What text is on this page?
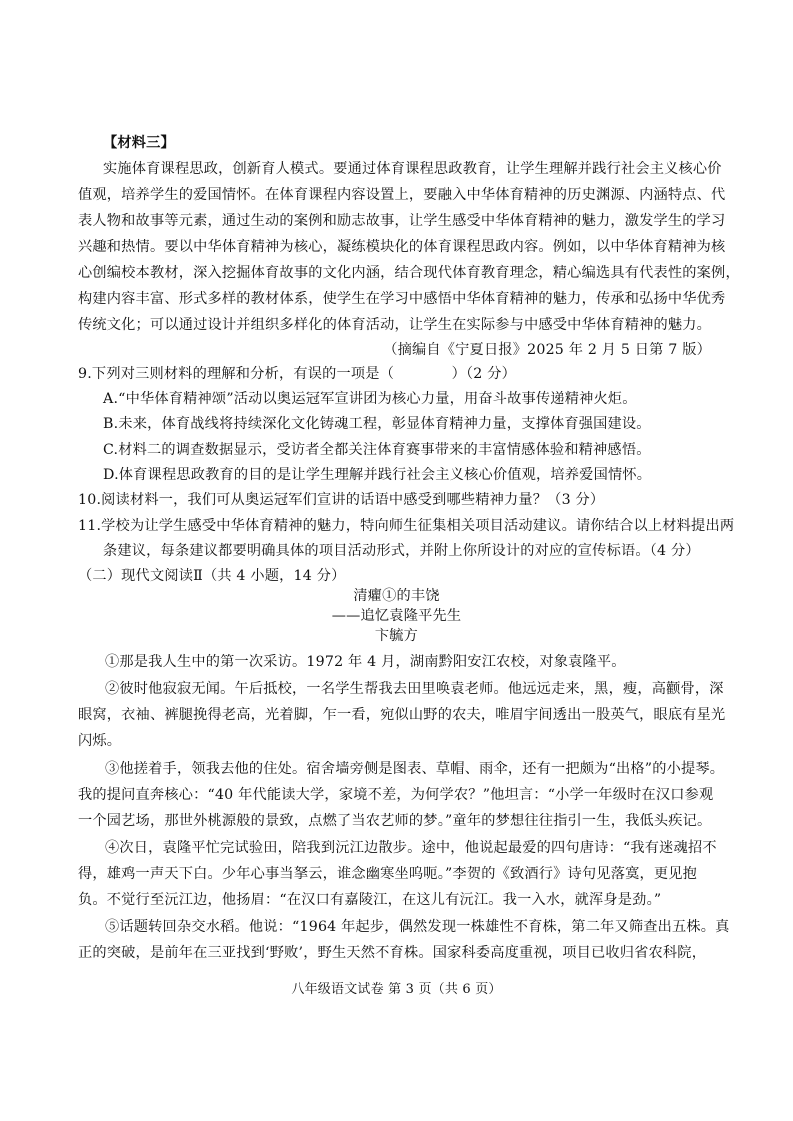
【材料三】
实施体育课程思政，创新育人模式。要通过体育课程思政教育，让学生理解并践行社会主义核心价
值观，培养学生的爱国情怀。在体育课程内容设置上，要融入中华体育精神的历史渊源、内涵特点、代
表人物和故事等元素，通过生动的案例和励志故事，让学生感受中华体育精神的魅力，激发学生的学习
兴趣和热情。要以中华体育精神为核心，凝练模块化的体育课程思政内容。例如，以中华体育精神为核
心创编校本教材，深入挖掘体育故事的文化内涵，结合现代体育教育理念，精心编选具有代表性的案例，
构建内容丰富、形式多样的教材体系，使学生在学习中感悟中华体育精神的魅力，传承和弘扬中华优秀
传统文化；可以通过设计并组织多样化的体育活动，让学生在实际参与中感受中华体育精神的魅力。
（摘编自《宁夏日报》2025 年 2 月 5 日第 7 版）
9.下列对三则材料的理解和分析，有误的一项是（　　　　）（2 分）
A.“中华体育精神颂”活动以奥运冠军宣讲团为核心力量，用奋斗故事传递精神火炬。
B.未来，体育战线将持续深化文化铸魂工程，彰显体育精神力量，支撑体育强国建设。
C.材料二的调查数据显示，受访者全都关注体育赛事带来的丰富情感体验和精神感悟。
D.体育课程思政教育的目的是让学生理解并践行社会主义核心价值观，培养爱国情怀。
10.阅读材料一，我们可从奥运冠军们宣讲的话语中感受到哪些精神力量？（3 分）
11.学校为让学生感受中华体育精神的魅力，特向师生征集相关项目活动建议。请你结合以上材料提出两
条建议，每条建议都要明确具体的项目活动形式，并附上你所设计的对应的宣传标语。（4 分）
（二）现代文阅读Ⅱ（共 4 小题，14 分）
清癯①的丰饶
——追忆袁隆平先生
卞毓方
①那是我人生中的第一次采访。1972 年 4 月，湖南黔阳安江农校，对象袁隆平。
②彼时他寂寂无闻。午后抵校，一名学生帮我去田里唤袁老师。他远远走来，黑，瘦，高颧骨，深
眼窝，衣袖、裤腿挽得老高，光着脚，乍一看，宛似山野的农夫，唯眉宇间透出一股英气，眼底有星光
闪烁。
③他搓着手，领我去他的住处。宿舍墙旁侧是图表、草帽、雨伞，还有一把颇为“出格”的小提琴。
我的提问直奔核心：“40 年代能读大学，家境不差，为何学农？”他坦言：“小学一年级时在汉口参观
一个园艺场，那世外桃源般的景致，点燃了当农艺师的梦。”童年的梦想往往指引一生，我低头疾记。
④次日，袁隆平忙完试验田，陪我到沅江边散步。途中，他说起最爱的四句唐诗：“我有迷魂招不
得，雄鸡一声天下白。少年心事当拏云，谁念幽寒坐呜呃。”李贺的《致酒行》诗句见落寞，更见抱
负。不觉行至沅江边，他扬眉：“在汉口有嘉陵江，在这儿有沅江。我一入水，就浑身是劲。”
⑤话题转回杂交水稻。他说：“1964 年起步，偶然发现一株雄性不育株，第二年又筛查出五株。真
正的突破，是前年在三亚找到‘野败’，野生天然不育株。国家科委高度重视，项目已收归省农科院，
八年级语文试卷 第 3 页（共 6 页）
